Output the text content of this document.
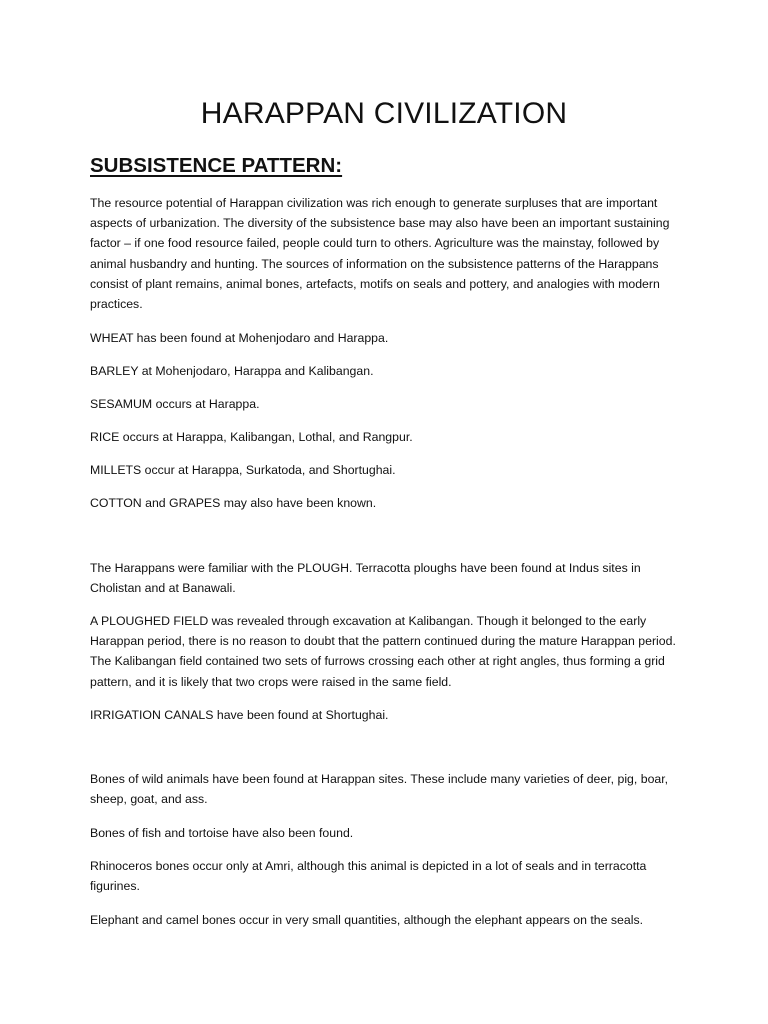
HARAPPAN CIVILIZATION
SUBSISTENCE PATTERN:

The resource potential of Harappan civilization was rich enough to generate surpluses that are important aspects of urbanization. The diversity of the subsistence base may also have been an important sustaining factor – if one food resource failed, people could turn to others. Agriculture was the mainstay, followed by animal husbandry and hunting. The sources of information on the subsistence patterns of the Harappans consist of plant remains, animal bones, artefacts, motifs on seals and pottery, and analogies with modern practices.

WHEAT has been found at Mohenjodaro and Harappa.

BARLEY at Mohenjodaro, Harappa and Kalibangan.

SESAMUM occurs at Harappa.

RICE occurs at Harappa, Kalibangan, Lothal, and Rangpur.

MILLETS occur at Harappa, Surkatoda, and Shortughai.

COTTON and GRAPES may also have been known.

The Harappans were familiar with the PLOUGH. Terracotta ploughs have been found at Indus sites in Cholistan and at Banawali.

A PLOUGHED FIELD was revealed through excavation at Kalibangan. Though it belonged to the early Harappan period, there is no reason to doubt that the pattern continued during the mature Harappan period. The Kalibangan field contained two sets of furrows crossing each other at right angles, thus forming a grid pattern, and it is likely that two crops were raised in the same field.

IRRIGATION CANALS have been found at Shortughai.

Bones of wild animals have been found at Harappan sites. These include many varieties of deer, pig, boar, sheep, goat, and ass.

Bones of fish and tortoise have also been found.

Rhinoceros bones occur only at Amri, although this animal is depicted in a lot of seals and in terracotta figurines.

Elephant and camel bones occur in very small quantities, although the elephant appears on the seals.
